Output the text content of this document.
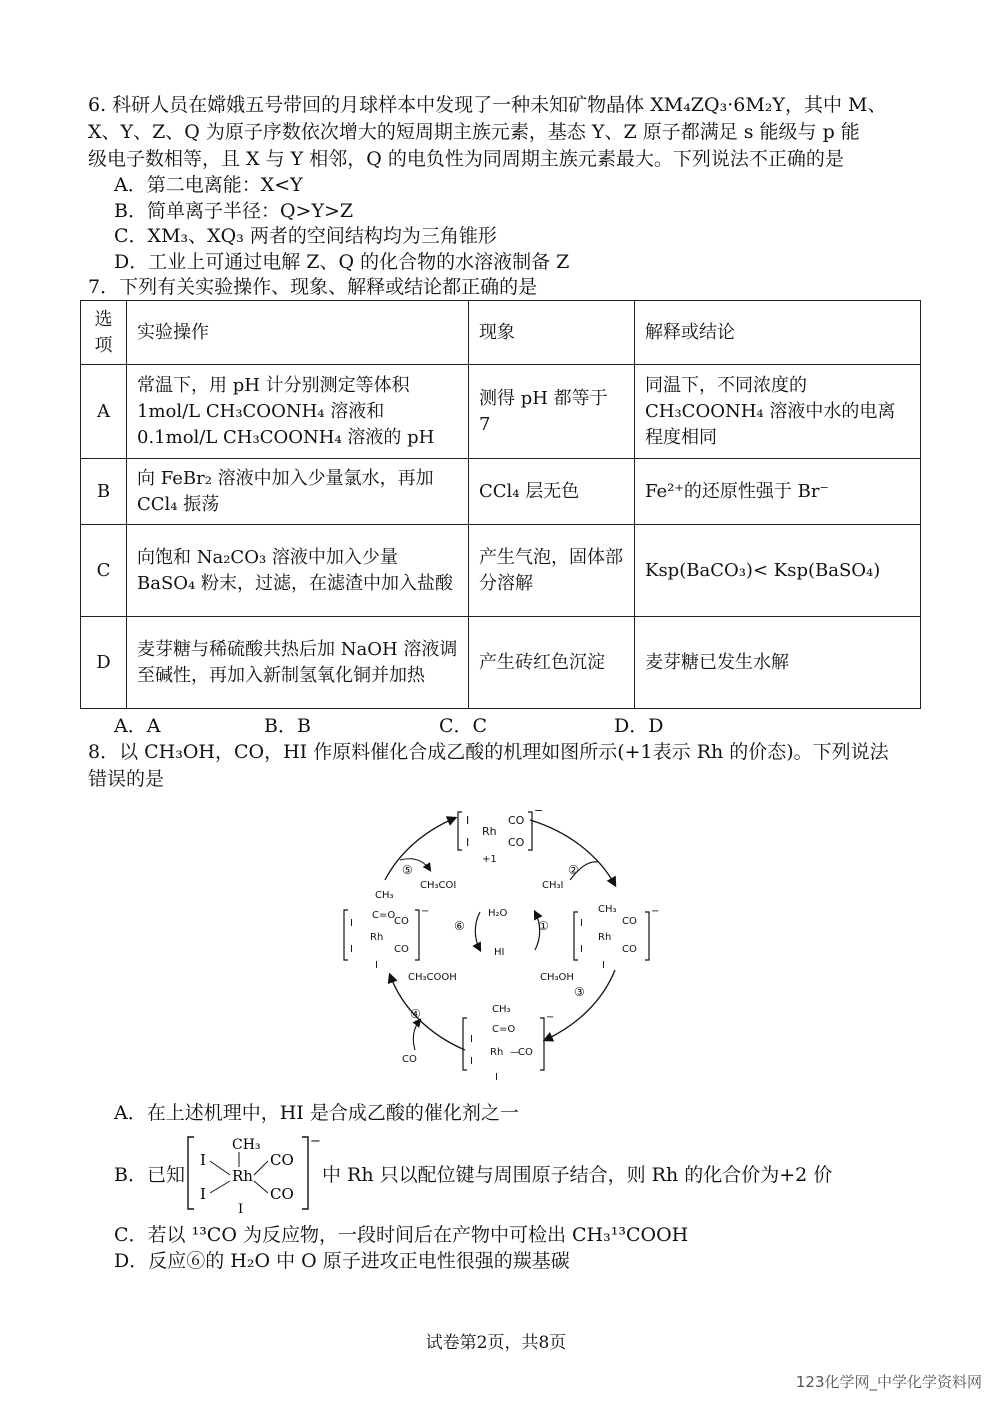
6. 科研人员在嫦娥五号带回的月球样本中发现了一种未知矿物晶体 XM₄ZQ₃·6M₂Y，其中 M、
X、Y、Z、Q 为原子序数依次增大的短周期主族元素，基态 Y、Z 原子都满足 s 能级与 p 能
级电子数相等，且 X 与 Y 相邻，Q 的电负性为同周期主族元素最大。下列说法不正确的是
A．第二电离能：X<Y
B．简单离子半径：Q>Y>Z
C．XM₃、XQ₃ 两者的空间结构均为三角锥形
D．工业上可通过电解 Z、Q 的化合物的水溶液制备 Z
7．下列有关实验操作、现象、解释或结论都正确的是
选项	实验操作	现象	解释或结论
A	常温下，用 pH 计分别测定等体积 1mol/L CH₃COONH₄ 溶液和 0.1mol/L CH₃COONH₄ 溶液的 pH	测得 pH 都等于 7	同温下，不同浓度的 CH₃COONH₄ 溶液中水的电离程度相同
B	向 FeBr₂ 溶液中加入少量氯水，再加 CCl₄ 振荡	CCl₄ 层无色	Fe²⁺的还原性强于 Br⁻
C	向饱和 Na₂CO₃ 溶液中加入少量 BaSO₄ 粉末，过滤，在滤渣中加入盐酸	产生气泡，固体部分溶解	Ksp(BaCO₃)< Ksp(BaSO₄)
D	麦芽糖与稀硫酸共热后加 NaOH 溶液调至碱性，再加入新制氢氧化铜并加热	产生砖红色沉淀	麦芽糖已发生水解
A．A	B．B	C．C	D．D
8．以 CH₃OH，CO，HI 作原料催化合成乙酸的机理如图所示(+1表示 Rh 的价态)。下列说法
错误的是
I
I
Rh
CO
CO
−
+1
CH₃
C=O
I
I
Rh
CO
CO
I
−
I
I
CH₃
Rh
CO
CO
I
−
CH₃
C=O
I
I
Rh —
CO
I
−
CH₃COI	CH₃I
H₂O
HI
CH₃COOH	CH₃OH
CO
①
②
③
④
⑤
⑥
A．在上述机理中，HI 是合成乙酸的催化剂之一
B．已知
I
I
CH₃
Rh
CO
CO
I
−
中 Rh 只以配位键与周围原子结合，则 Rh 的化合价为+2 价
C．若以 ¹³CO 为反应物，一段时间后在产物中可检出 CH₃¹³COOH
D．反应⑥的 H₂O 中 O 原子进攻正电性很强的羰基碳
试卷第2页，共8页
123化学网_中学化学资料网
